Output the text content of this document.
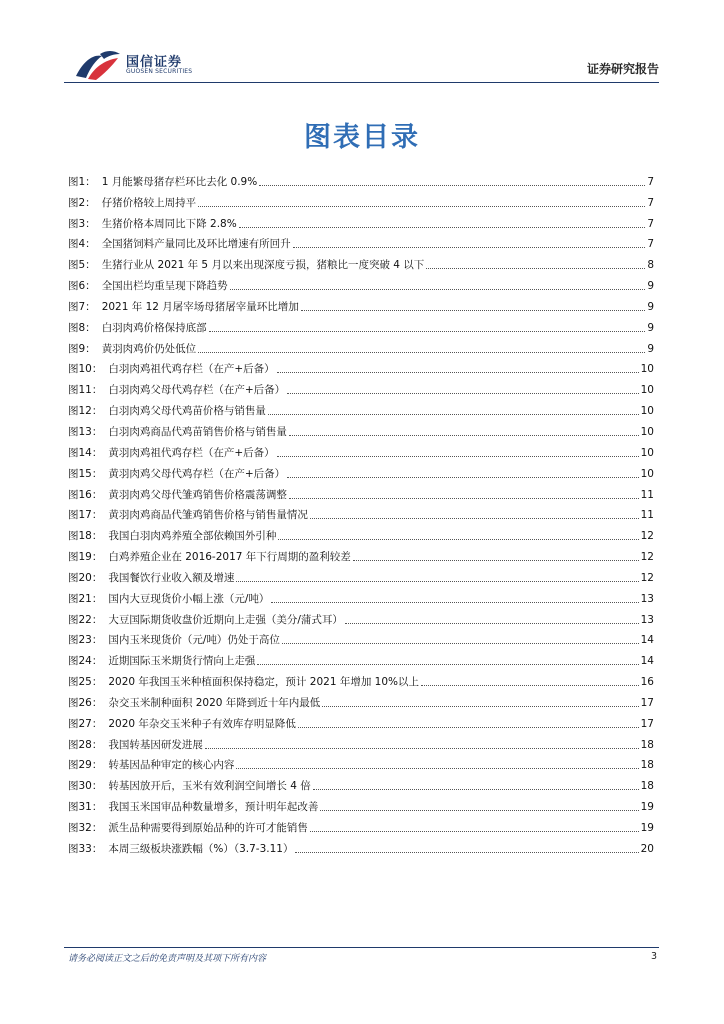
国信证券
GUOSEN SECURITIES	证券研究报告
图表目录
图1： 1 月能繁母猪存栏环比去化 0.9%	7
图2： 仔猪价格较上周持平	7
图3： 生猪价格本周同比下降 2.8%	7
图4： 全国猪饲料产量同比及环比增速有所回升	7
图5： 生猪行业从 2021 年 5 月以来出现深度亏损，猪粮比一度突破 4 以下	8
图6： 全国出栏均重呈现下降趋势	9
图7： 2021 年 12 月屠宰场母猪屠宰量环比增加	9
图8： 白羽肉鸡价格保持底部	9
图9： 黄羽肉鸡价仍处低位	9
图10： 白羽肉鸡祖代鸡存栏（在产+后备）	10
图11： 白羽肉鸡父母代鸡存栏（在产+后备）	10
图12： 白羽肉鸡父母代鸡苗价格与销售量	10
图13： 白羽肉鸡商品代鸡苗销售价格与销售量	10
图14： 黄羽肉鸡祖代鸡存栏（在产+后备）	10
图15： 黄羽肉鸡父母代鸡存栏（在产+后备）	10
图16： 黄羽肉鸡父母代雏鸡销售价格震荡调整	11
图17： 黄羽肉鸡商品代雏鸡销售价格与销售量情况	11
图18： 我国白羽肉鸡养殖全部依赖国外引种	12
图19： 白鸡养殖企业在 2016-2017 年下行周期的盈利较差	12
图20： 我国餐饮行业收入额及增速	12
图21： 国内大豆现货价小幅上涨（元/吨）	13
图22： 大豆国际期货收盘价近期向上走强（美分/蒲式耳）	13
图23： 国内玉米现货价（元/吨）仍处于高位	14
图24： 近期国际玉米期货行情向上走强	14
图25： 2020 年我国玉米种植面积保持稳定，预计 2021 年增加 10%以上	16
图26： 杂交玉米制种面积 2020 年降到近十年内最低	17
图27： 2020 年杂交玉米种子有效库存明显降低	17
图28： 我国转基因研发进展	18
图29： 转基因品种审定的核心内容	18
图30： 转基因放开后，玉米有效利润空间增长 4 倍	18
图31： 我国玉米国审品种数量增多，预计明年起改善	19
图32： 派生品种需要得到原始品种的许可才能销售	19
图33： 本周三级板块涨跌幅（%）（3.7-3.11）	20
请务必阅读正文之后的免责声明及其项下所有内容	3
